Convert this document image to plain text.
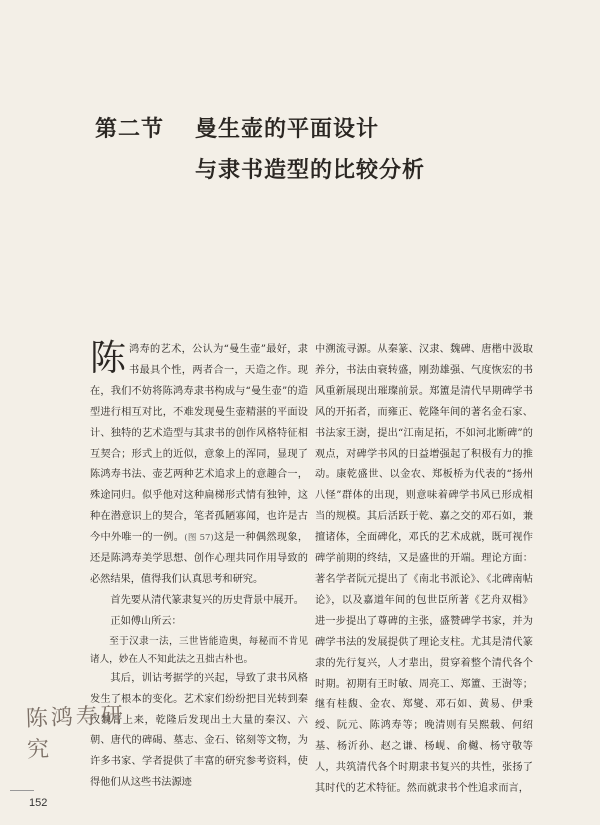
第二节 曼生壶的平面设计
与隶书造型的比较分析

陈鸿寿的艺术，公认为“曼生壶”最好，隶书最具个性，两者合一，天造之作。现在，我们不妨将陈鸿寿隶书构成与“曼生壶”的造型进行相互对比，不难发现曼生壶精湛的平面设计、独特的艺术造型与其隶书的创作风格特征相互契合；形式上的近似，意象上的浑同，显现了陈鸿寿书法、壶艺两种艺术追求上的意趣合一，殊途同归。似乎他对这种扁梯形式情有独钟，这种在潜意识上的契合，笔者孤陋寡闻，也许是古今中外唯一的一例。(图 57)这是一种偶然现象，还是陈鸿寿美学思想、创作心理共同作用导致的必然结果，值得我们认真思考和研究。

首先要从清代篆隶复兴的历史背景中展开。

正如傅山所云：

至于汉隶一法，三世皆能造奥，每秘而不肯见诸人，妙在人不知此法之丑拙古朴也。

其后，训诂考据学的兴起，导致了隶书风格发生了根本的变化。艺术家们纷纷把目光转到秦汉魏晋上来，乾隆后发现出土大量的秦汉、六朝、唐代的碑碣、墓志、金石、铭刻等文物，为许多书家、学者提供了丰富的研究参考资料，使得他们从这些书法源迹

中溯流寻源。从秦篆、汉隶、魏碑、唐楷中汲取养分，书法由衰转盛，刚劲雄强、气度恢宏的书风重新展现出璀璨前景。郑簠是清代早期碑学书风的开拓者，而雍正、乾隆年间的著名金石家、书法家王澍，提出“江南足拓，不如河北断碑”的观点，对碑学书风的日益增强起了积极有力的推动。康乾盛世、以金农、郑板桥为代表的“扬州八怪”群体的出现，则意味着碑学书风已形成相当的规模。其后活跃于乾、嘉之交的邓石如，兼擅诸体，全面碑化，邓氏的艺术成就，既可视作碑学前期的终结，又是盛世的开端。理论方面：著名学者阮元提出了《南北书派论》、《北碑南帖论》，以及嘉道年间的包世臣所著《艺舟双楫》进一步提出了尊碑的主张，盛赞碑学书家，并为碑学书法的发展提供了理论支柱。尤其是清代篆隶的先行复兴，人才辈出，贯穿着整个清代各个时期。初期有王时敏、周亮工、郑簠、王澍等；继有桂馥、金农、郑燮、邓石如、黄易、伊秉绶、阮元、陈鸿寿等；晚清则有吴熙载、何绍基、杨沂孙、赵之谦、杨岘、俞樾、杨守敬等人，共筑清代各个时期隶书复兴的共性，张扬了其时代的艺术特征。然而就隶书个性追求而言，

陈鸿寿研究
152
